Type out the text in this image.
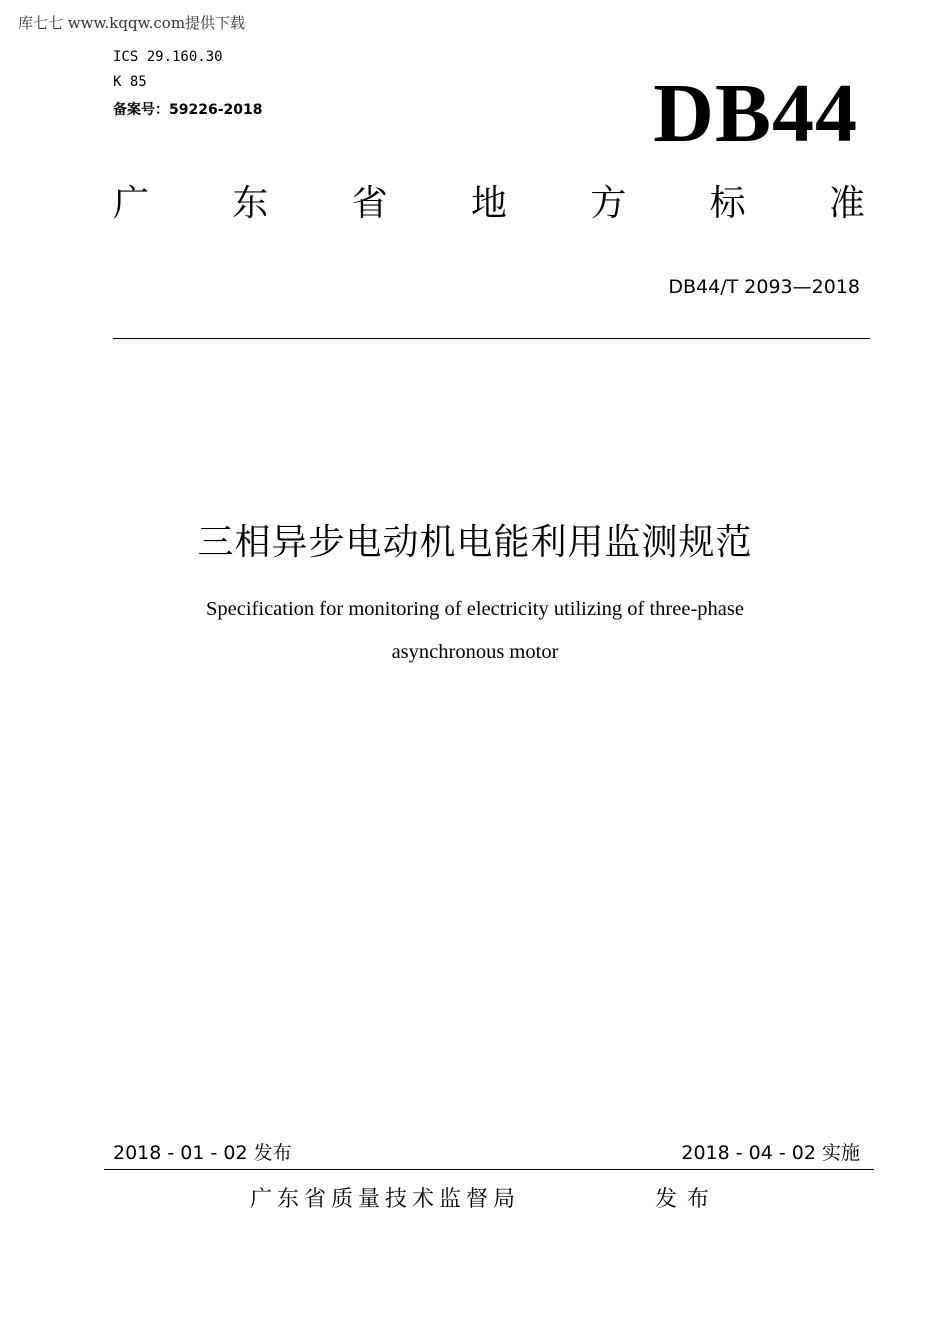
库七七 www.kqqw.com提供下载
ICS 29.160.30
K 85
备案号：59226-2018	DB44
广 东 省 地 方 标 准
DB44/T 2093—2018
三相异步电动机电能利用监测规范
Specification for monitoring of electricity utilizing of three-phase
asynchronous motor
2018 - 01 - 02 发布	2018 - 04 - 02 实施
广东省质量技术监督局	发布
